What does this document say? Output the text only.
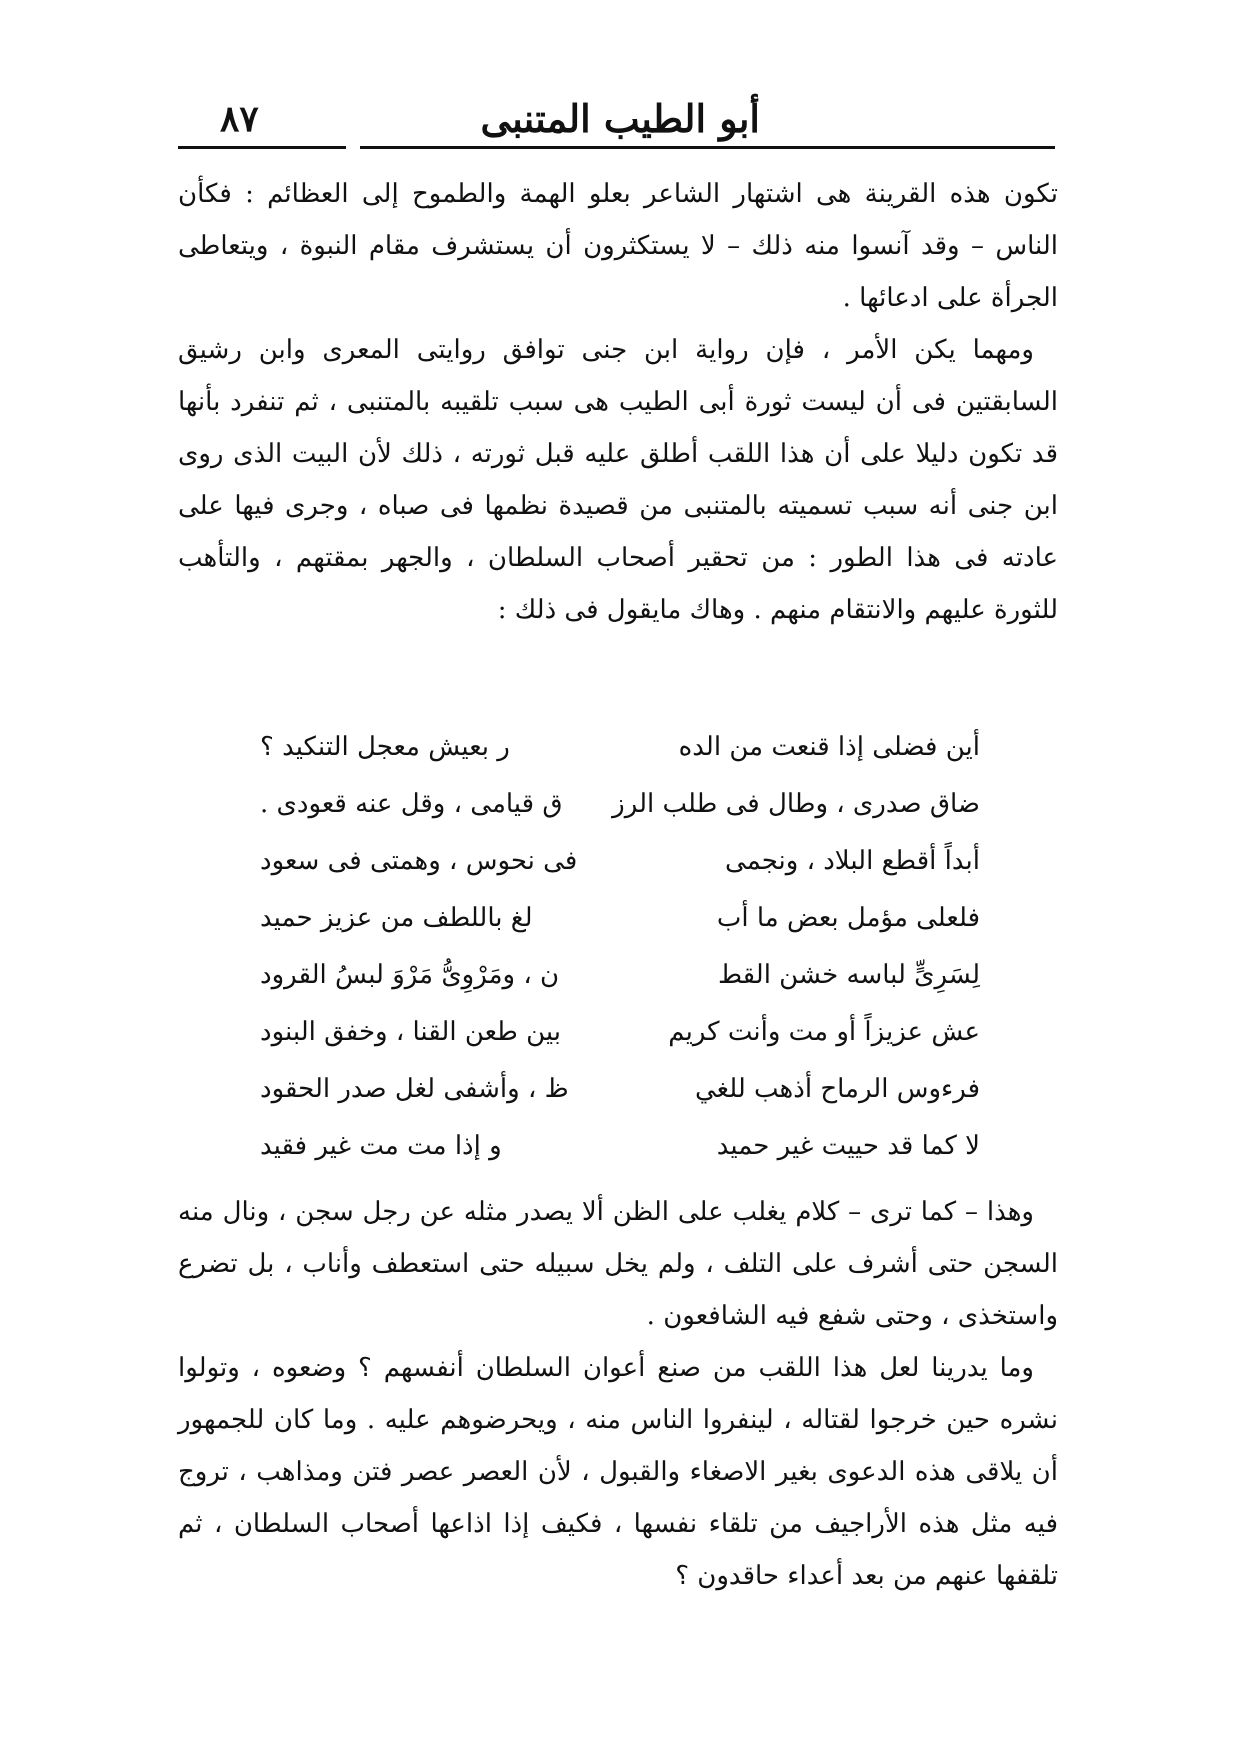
٨٧	أبو الطيب المتنبى

تكون هذه القرينة هى اشتهار الشاعر بعلو الهمة والطموح إلى العظائم : فكأن الناس – وقد آنسوا منه ذلك – لا يستكثرون أن يستشرف مقام النبوة ، ويتعاطى الجرأة على ادعائها .

ومهما يكن الأمر ، فإن رواية ابن جنى توافق روايتى المعرى وابن رشيق السابقتين فى أن ليست ثورة أبى الطيب هى سبب تلقيبه بالمتنبى ، ثم تنفرد بأنها قد تكون دليلا على أن هذا اللقب أطلق عليه قبل ثورته ، ذلك لأن البيت الذى روى ابن جنى أنه سبب تسميته بالمتنبى من قصيدة نظمها فى صباه ، وجرى فيها على عادته فى هذا الطور : من تحقير أصحاب السلطان ، والجهر بمقتهم ، والتأهب للثورة عليهم والانتقام منهم . وهاك مايقول فى ذلك :

أين فضلى إذا قنعت من الده
ر بعيش معجل التنكيد ؟
ضاق صدرى ، وطال فى طلب الرز
ق قيامى ، وقل عنه قعودى .
أبداً أقطع البلاد ، ونجمى
فى نحوس ، وهمتى فى سعود
فلعلى مؤمل بعض ما أب
لغ باللطف من عزيز حميد
لِسَرِىٍّ لباسه خشن القط
ن ، ومَرْوِىُّ مَرْوَ لبسُ القرود
عش عزيزاً أو مت وأنت كريم
بين طعن القنا ، وخفق البنود
فرءوس الرماح أذهب للغي
ظ ، وأشفى لغل صدر الحقود
لا كما قد حييت غير حميد
و إذا مت مت غير فقيد

وهذا – كما ترى – كلام يغلب على الظن ألا يصدر مثله عن رجل سجن ، ونال منه السجن حتى أشرف على التلف ، ولم يخل سبيله حتى استعطف وأناب ، بل تضرع واستخذى ، وحتى شفع فيه الشافعون .

وما يدرينا لعل هذا اللقب من صنع أعوان السلطان أنفسهم ؟ وضعوه ، وتولوا نشره حين خرجوا لقتاله ، لينفروا الناس منه ، ويحرضوهم عليه . وما كان للجمهور أن يلاقى هذه الدعوى بغير الاصغاء والقبول ، لأن العصر عصر فتن ومذاهب ، تروج فيه مثل هذه الأراجيف من تلقاء نفسها ، فكيف إذا اذاعها أصحاب السلطان ، ثم تلقفها عنهم من بعد أعداء حاقدون ؟
